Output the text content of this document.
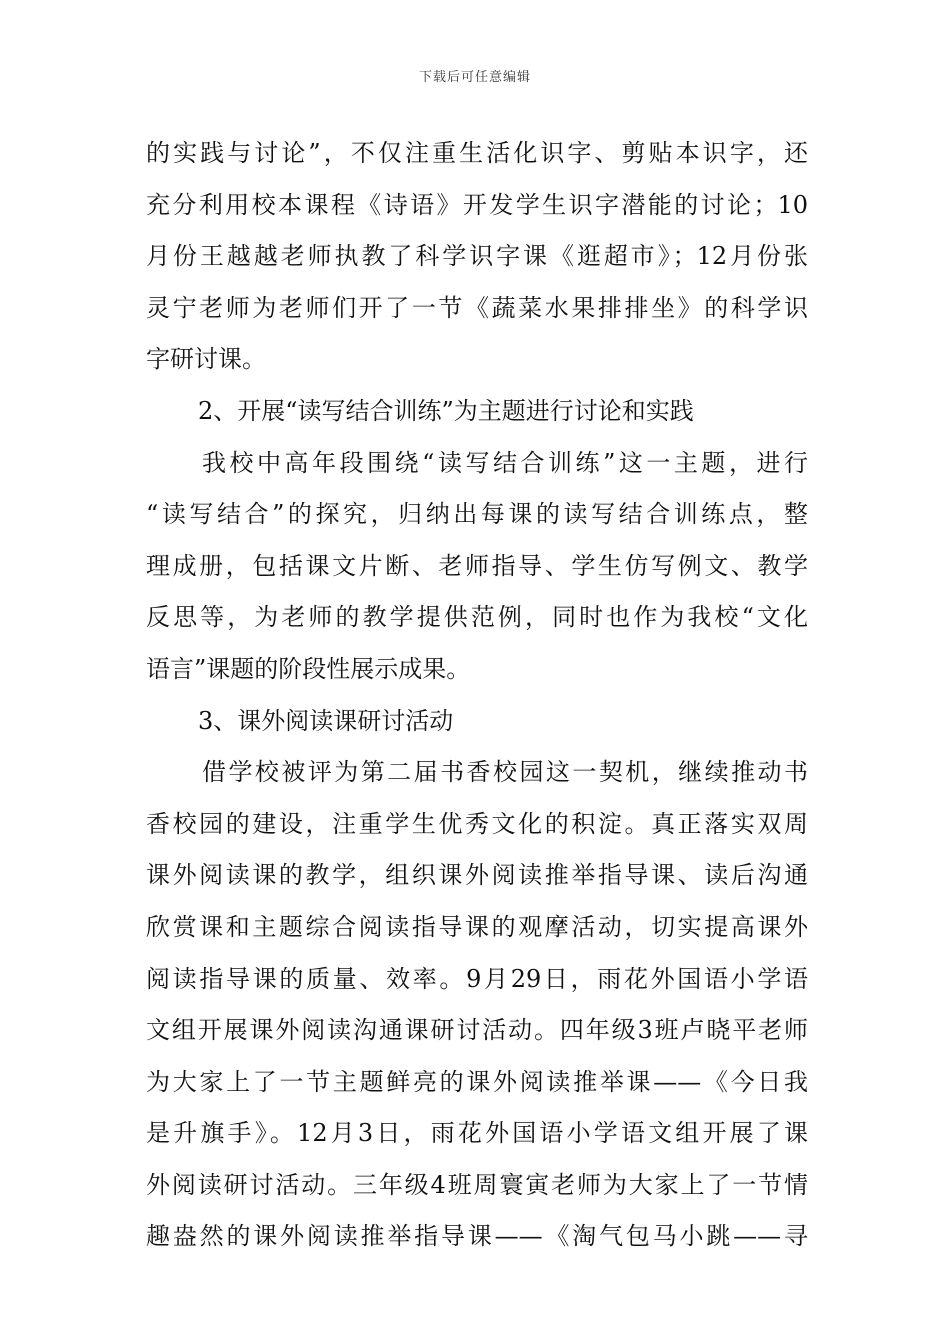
下载后可任意编辑
的实践与讨论”，不仅注重生活化识字、剪贴本识字，还
充分利用校本课程《诗语》开发学生识字潜能的讨论；10
月份王越越老师执教了科学识字课《逛超市》；12月份张
灵宁老师为老师们开了一节《蔬菜水果排排坐》的科学识
字研讨课。
2、开展“读写结合训练”为主题进行讨论和实践
我校中高年段围绕“读写结合训练”这一主题，进行
“读写结合”的探究，归纳出每课的读写结合训练点，整
理成册，包括课文片断、老师指导、学生仿写例文、教学
反思等，为老师的教学提供范例，同时也作为我校“文化
语言”课题的阶段性展示成果。
3、课外阅读课研讨活动
借学校被评为第二届书香校园这一契机，继续推动书
香校园的建设，注重学生优秀文化的积淀。真正落实双周
课外阅读课的教学，组织课外阅读推举指导课、读后沟通
欣赏课和主题综合阅读指导课的观摩活动，切实提高课外
阅读指导课的质量、效率。9月29日，雨花外国语小学语
文组开展课外阅读沟通课研讨活动。四年级3班卢晓平老师
为大家上了一节主题鲜亮的课外阅读推举课——《今日我
是升旗手》。12月3日，雨花外国语小学语文组开展了课
外阅读研讨活动。三年级4班周寰寅老师为大家上了一节情
趣盎然的课外阅读推举指导课——《淘气包马小跳——寻
